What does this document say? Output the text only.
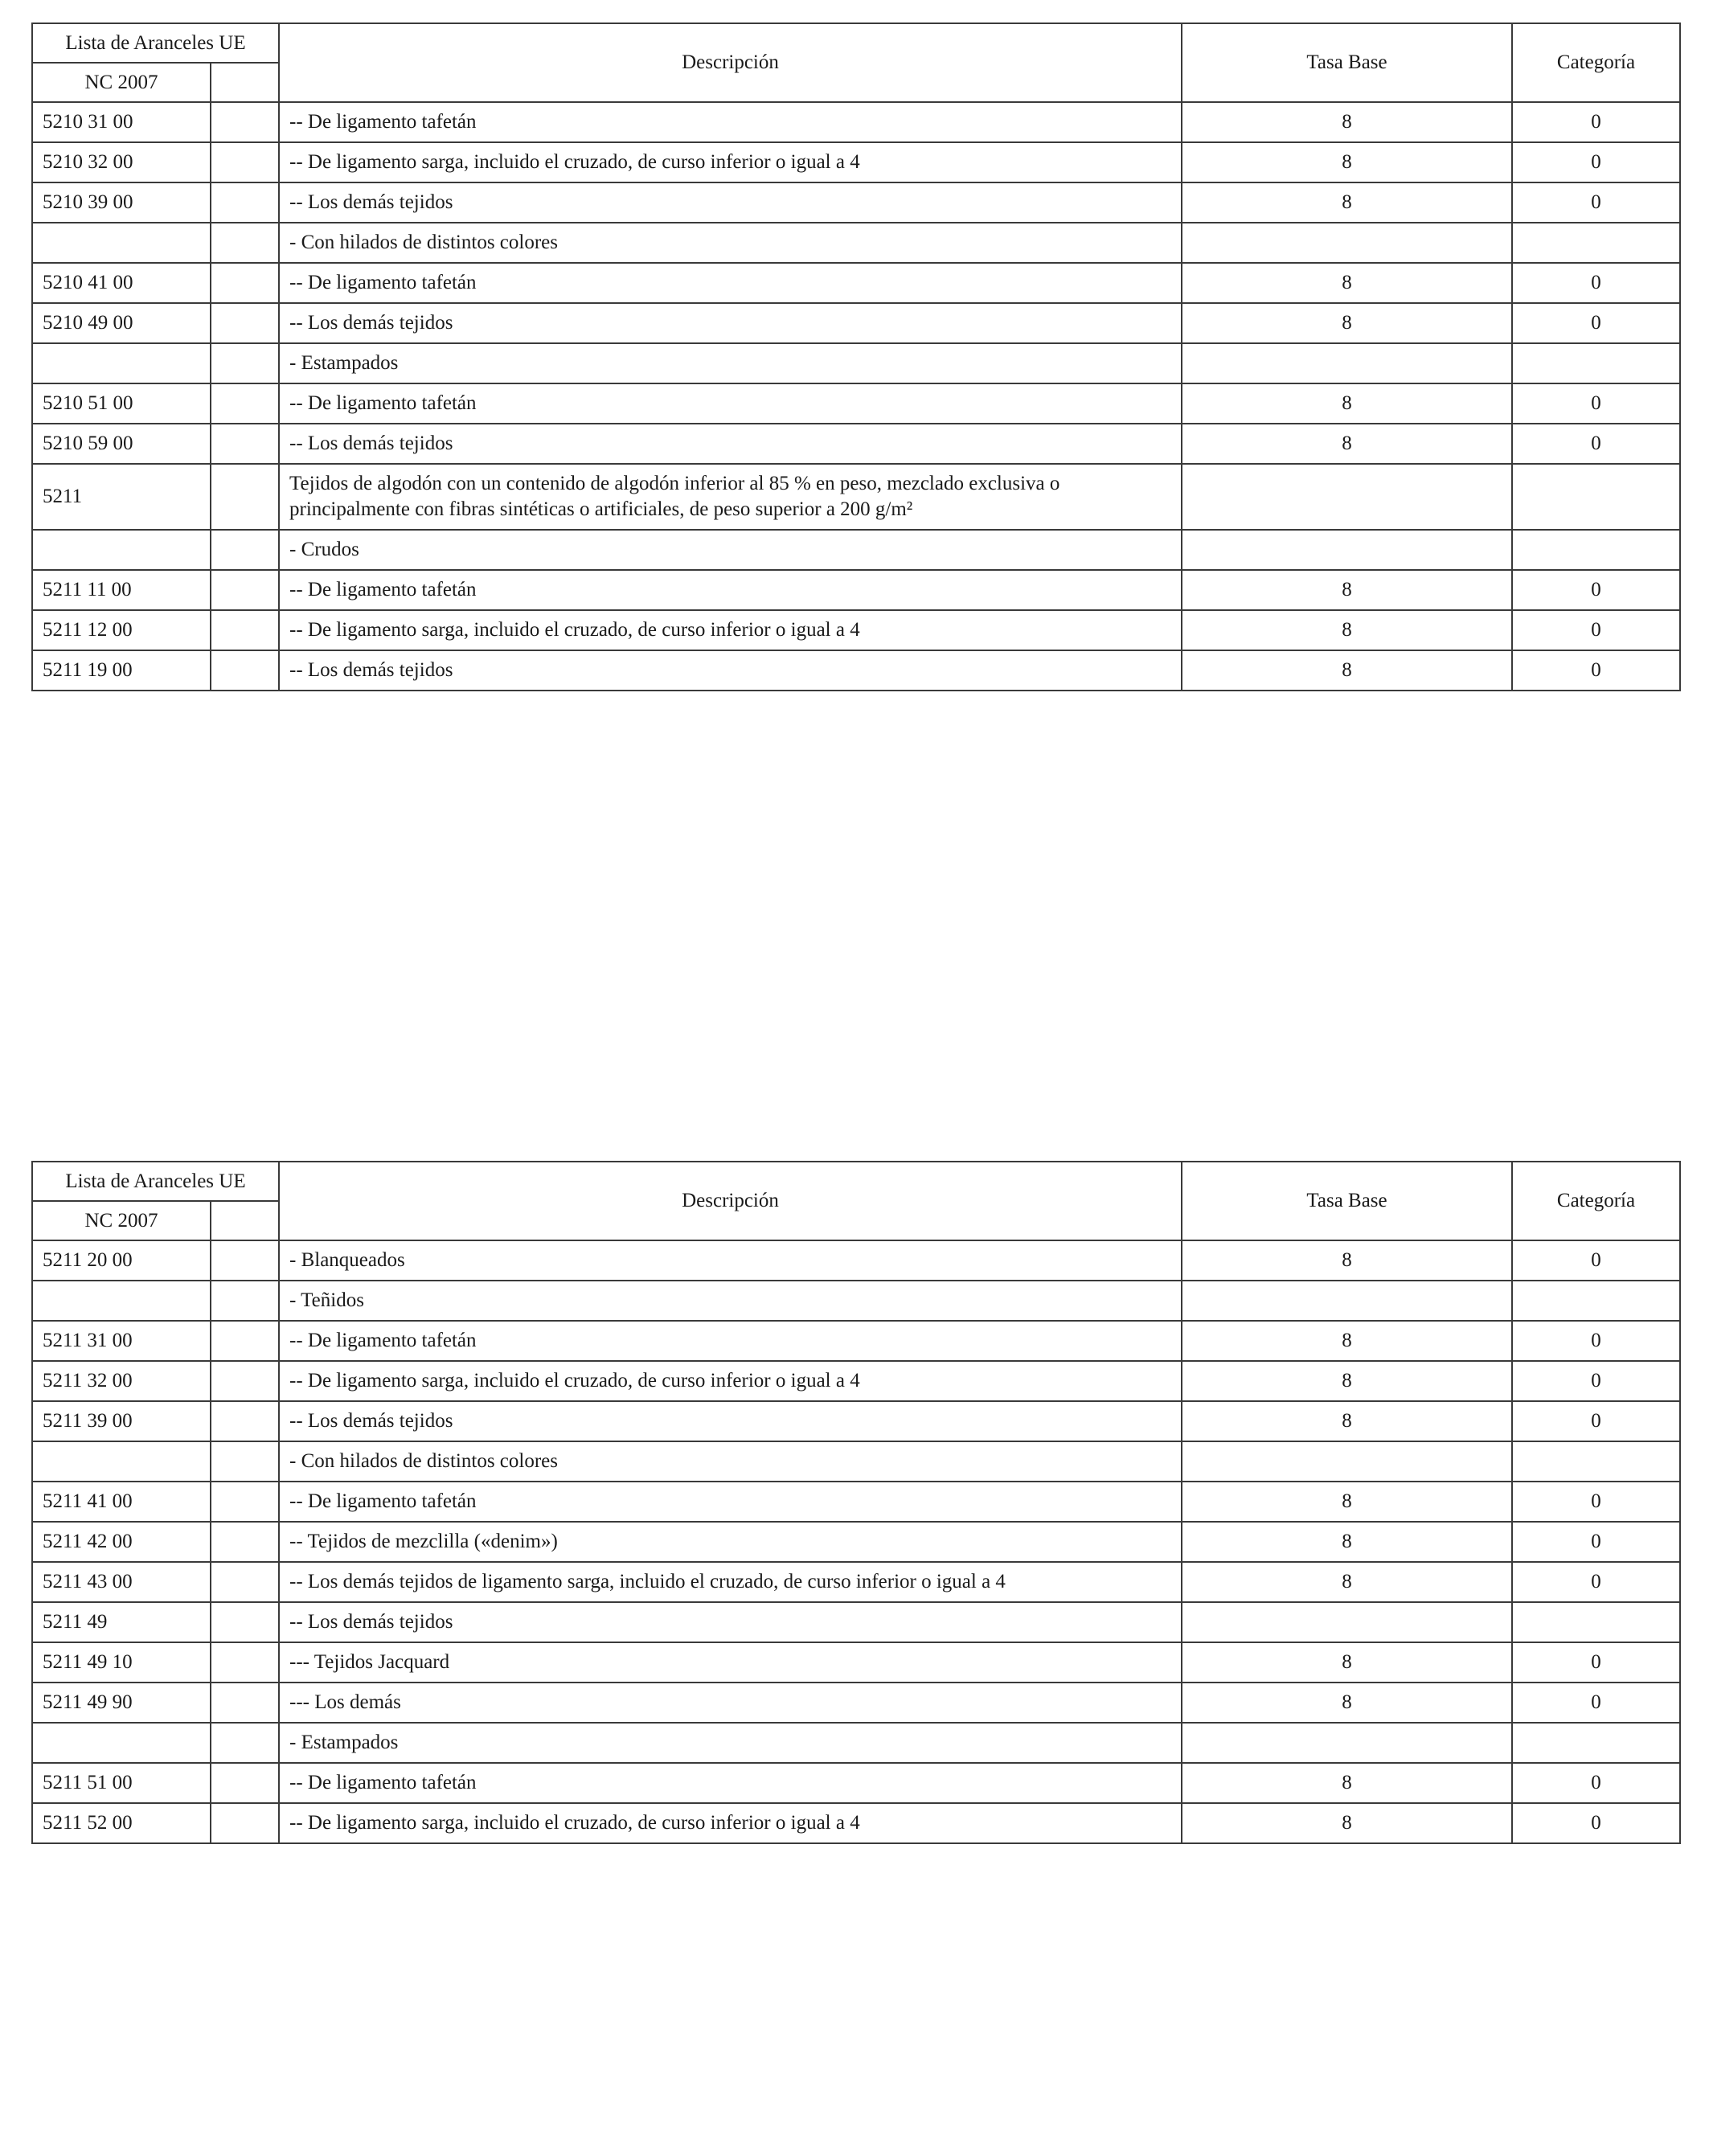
Lista de Aranceles UE		Descripción	Tasa Base	Categoría
NC 2007				
5210 31 00		-- De ligamento tafetán	8	0
5210 32 00		-- De ligamento sarga, incluido el cruzado, de curso inferior o igual a 4	8	0
5210 39 00		-- Los demás tejidos	8	0
		- Con hilados de distintos colores		
5210 41 00		-- De ligamento tafetán	8	0
5210 49 00		-- Los demás tejidos	8	0
		- Estampados		
5210 51 00		-- De ligamento tafetán	8	0
5210 59 00		-- Los demás tejidos	8	0
5211		Tejidos de algodón con un contenido de algodón inferior al 85 % en peso, mezclado exclusiva o principalmente con fibras sintéticas o artificiales, de peso superior a 200 g/m²		
		- Crudos		
5211 11 00		-- De ligamento tafetán	8	0
5211 12 00		-- De ligamento sarga, incluido el cruzado, de curso inferior o igual a 4	8	0
5211 19 00		-- Los demás tejidos	8	0
Lista de Aranceles UE		Descripción	Tasa Base	Categoría
NC 2007				
5211 20 00		- Blanqueados	8	0
		- Teñidos		
5211 31 00		-- De ligamento tafetán	8	0
5211 32 00		-- De ligamento sarga, incluido el cruzado, de curso inferior o igual a 4	8	0
5211 39 00		-- Los demás tejidos	8	0
		- Con hilados de distintos colores		
5211 41 00		-- De ligamento tafetán	8	0
5211 42 00		-- Tejidos de mezclilla («denim»)	8	0
5211 43 00		-- Los demás tejidos de ligamento sarga, incluido el cruzado, de curso inferior o igual a 4	8	0
5211 49		-- Los demás tejidos		
5211 49 10		--- Tejidos Jacquard	8	0
5211 49 90		--- Los demás	8	0
		- Estampados		
5211 51 00		-- De ligamento tafetán	8	0
5211 52 00		-- De ligamento sarga, incluido el cruzado, de curso inferior o igual a 4	8	0
